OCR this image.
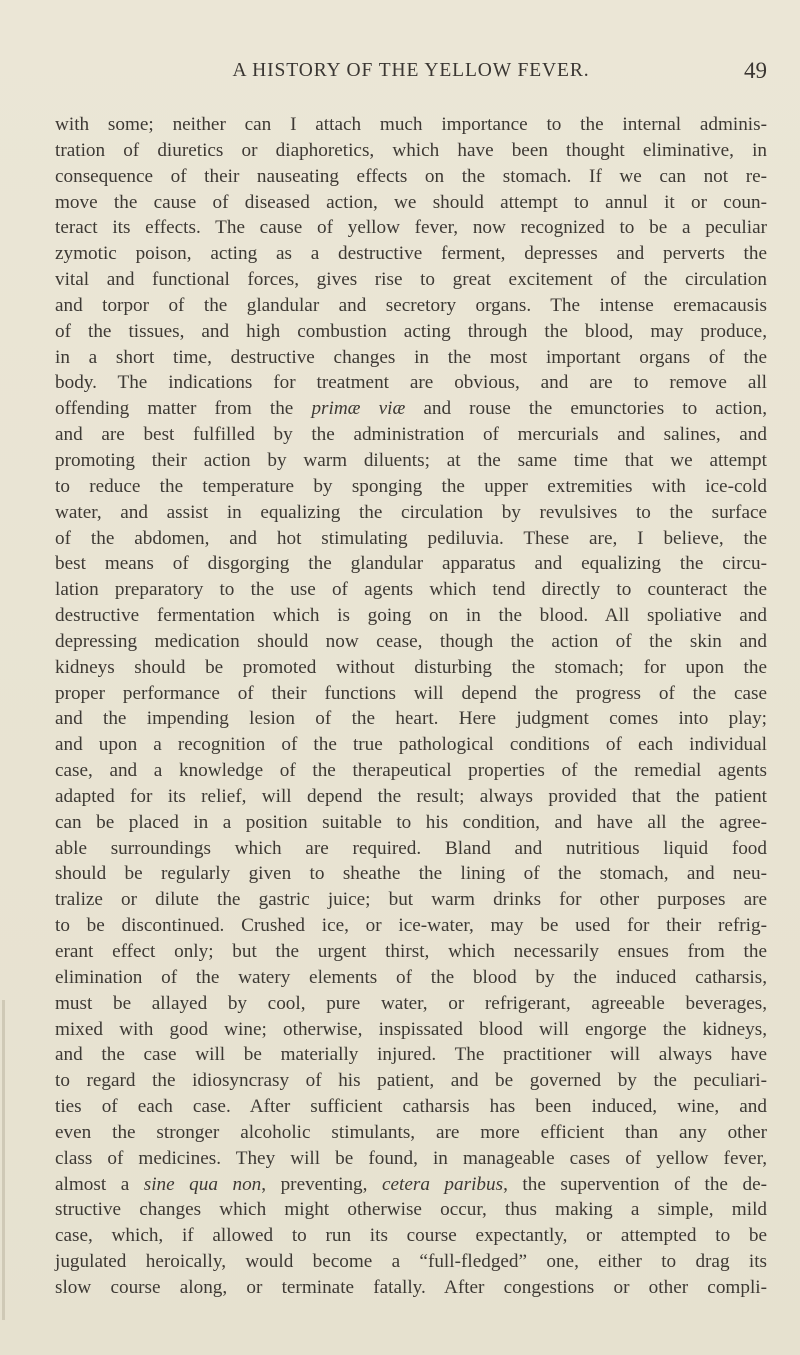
A HISTORY OF THE YELLOW FEVER.	49
with some; neither can I attach much importance to the internal adminis-
tration of diuretics or diaphoretics, which have been thought eliminative, in
consequence of their nauseating effects on the stomach. If we can not re-
move the cause of diseased action, we should attempt to annul it or coun-
teract its effects. The cause of yellow fever, now recognized to be a peculiar
zymotic poison, acting as a destructive ferment, depresses and perverts the
vital and functional forces, gives rise to great excitement of the circulation
and torpor of the glandular and secretory organs. The intense eremacausis
of the tissues, and high combustion acting through the blood, may produce,
in a short time, destructive changes in the most important organs of the
body. The indications for treatment are obvious, and are to remove all
offending matter from the primæ viæ and rouse the emunctories to action,
and are best fulfilled by the administration of mercurials and salines, and
promoting their action by warm diluents; at the same time that we attempt
to reduce the temperature by sponging the upper extremities with ice-cold
water, and assist in equalizing the circulation by revulsives to the surface
of the abdomen, and hot stimulating pediluvia. These are, I believe, the
best means of disgorging the glandular apparatus and equalizing the circu-
lation preparatory to the use of agents which tend directly to counteract the
destructive fermentation which is going on in the blood. All spoliative and
depressing medication should now cease, though the action of the skin and
kidneys should be promoted without disturbing the stomach; for upon the
proper performance of their functions will depend the progress of the case
and the impending lesion of the heart. Here judgment comes into play;
and upon a recognition of the true pathological conditions of each individual
case, and a knowledge of the therapeutical properties of the remedial agents
adapted for its relief, will depend the result; always provided that the patient
can be placed in a position suitable to his condition, and have all the agree-
able surroundings which are required. Bland and nutritious liquid food
should be regularly given to sheathe the lining of the stomach, and neu-
tralize or dilute the gastric juice; but warm drinks for other purposes are
to be discontinued. Crushed ice, or ice-water, may be used for their refrig-
erant effect only; but the urgent thirst, which necessarily ensues from the
elimination of the watery elements of the blood by the induced catharsis,
must be allayed by cool, pure water, or refrigerant, agreeable beverages,
mixed with good wine; otherwise, inspissated blood will engorge the kidneys,
and the case will be materially injured. The practitioner will always have
to regard the idiosyncrasy of his patient, and be governed by the peculiari-
ties of each case. After sufficient catharsis has been induced, wine, and
even the stronger alcoholic stimulants, are more efficient than any other
class of medicines. They will be found, in manageable cases of yellow fever,
almost a sine qua non, preventing, cetera paribus, the supervention of the de-
structive changes which might otherwise occur, thus making a simple, mild
case, which, if allowed to run its course expectantly, or attempted to be
jugulated heroically, would become a “full-fledged” one, either to drag its
slow course along, or terminate fatally. After congestions or other compli-
